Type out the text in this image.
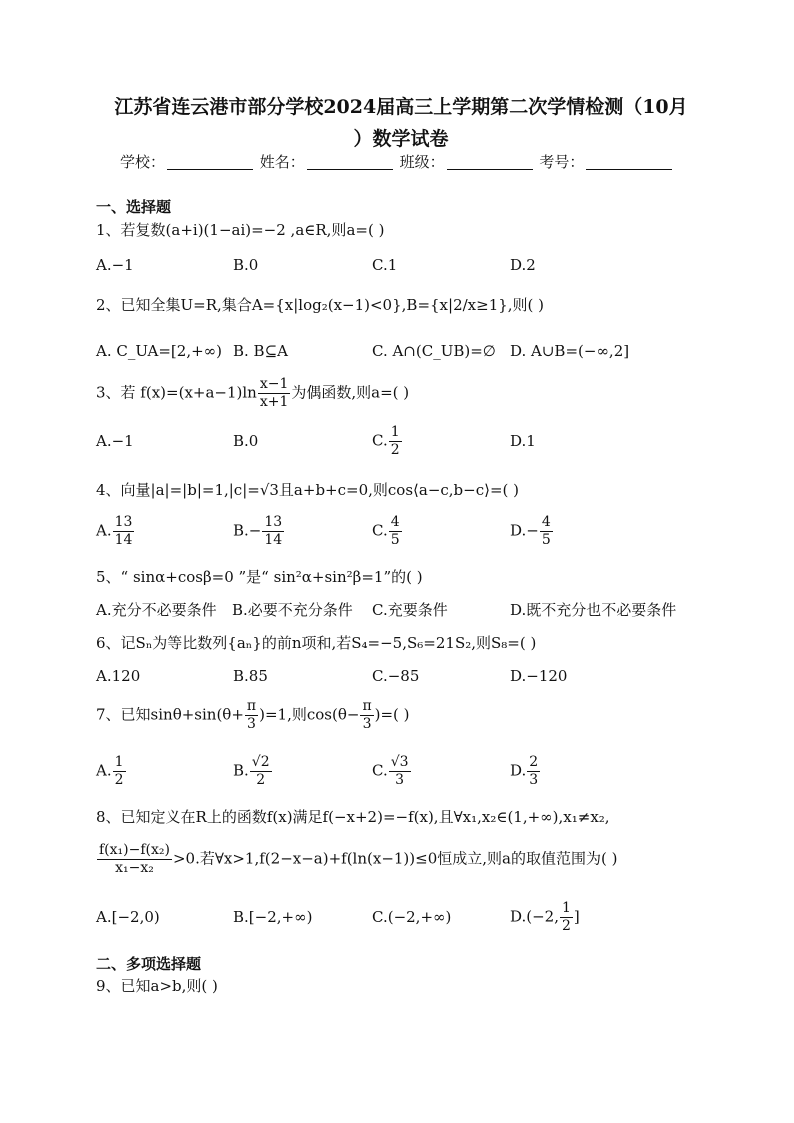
江苏省连云港市部分学校2024届高三上学期第二次学情检测（10月
）数学试卷
学校：	姓名：	班级：	考号：
一、选择题
1、若复数(a+i)(1−ai)=−2 ,a∈R,则a=( )
A.−1	B.0	C.1	D.2
2、已知全集U=R,集合A={x|log₂(x−1)<0},B={x|2/x≥1},则( )
A. C_UA=[2,+∞) B. B⊆A	C. A∩(C_UB)=∅ D. A∪B=(−∞,2]
3、若 $f(x)=(x+a-1)\ln \frac{x-1}{x+1}$ 为偶函数,则a=( )
A.−1	B.0	C. $\frac{1}{2}$	D.1
4、向量|a|=|b|=1,|c|=√3且a+b+c=0,则cos⟨a−c,b−c⟩=( )
A. $\frac{13}{14}$	$B.- \frac{13}{14}$	C. $\frac{4}{5}$	$D.- \frac{4}{5}$
5、“ sinα+cosβ=0 ”是“ sin²α+sin²β=1”的( )
A.充分不必要条件 B.必要不充分条件 C.充要条件	D.既不充分也不必要条件
6、记Sₙ为等比数列{aₙ}的前n项和,若S₄=−5,S₆=21S₂,则S₈=( )
A.120	B.85	C.−85	D.−120
7、已知$\sin\theta+\sin(\theta+ \frac{\pi}{3} )=1$,则$\cos(\theta- \frac{\pi}{3}$ )=( )
A. $\frac{1}{2}$	B. $\frac{√2}{2}$	C. $\frac{√3}{3}$	D. $\frac{2}{3}$
8、已知定义在R上的函数f(x)满足f(−x+2)=−f(x),且∀x₁,x₂∈(1,+∞),x₁≠x₂,
$\frac{\text{f(x₁)−f(x₂)}}{\text{x₁−x₂}} >0$.若∀x>1,f(2−x−a)+f(ln(x−1))≤0恒成立,则a的取值范围为( )
A.[−2,0)	B.[−2,+∞)	C.(−2,+∞)	D.(−2, $\frac{1}{2}$ ]
二、多项选择题
9、已知a>b,则( )
